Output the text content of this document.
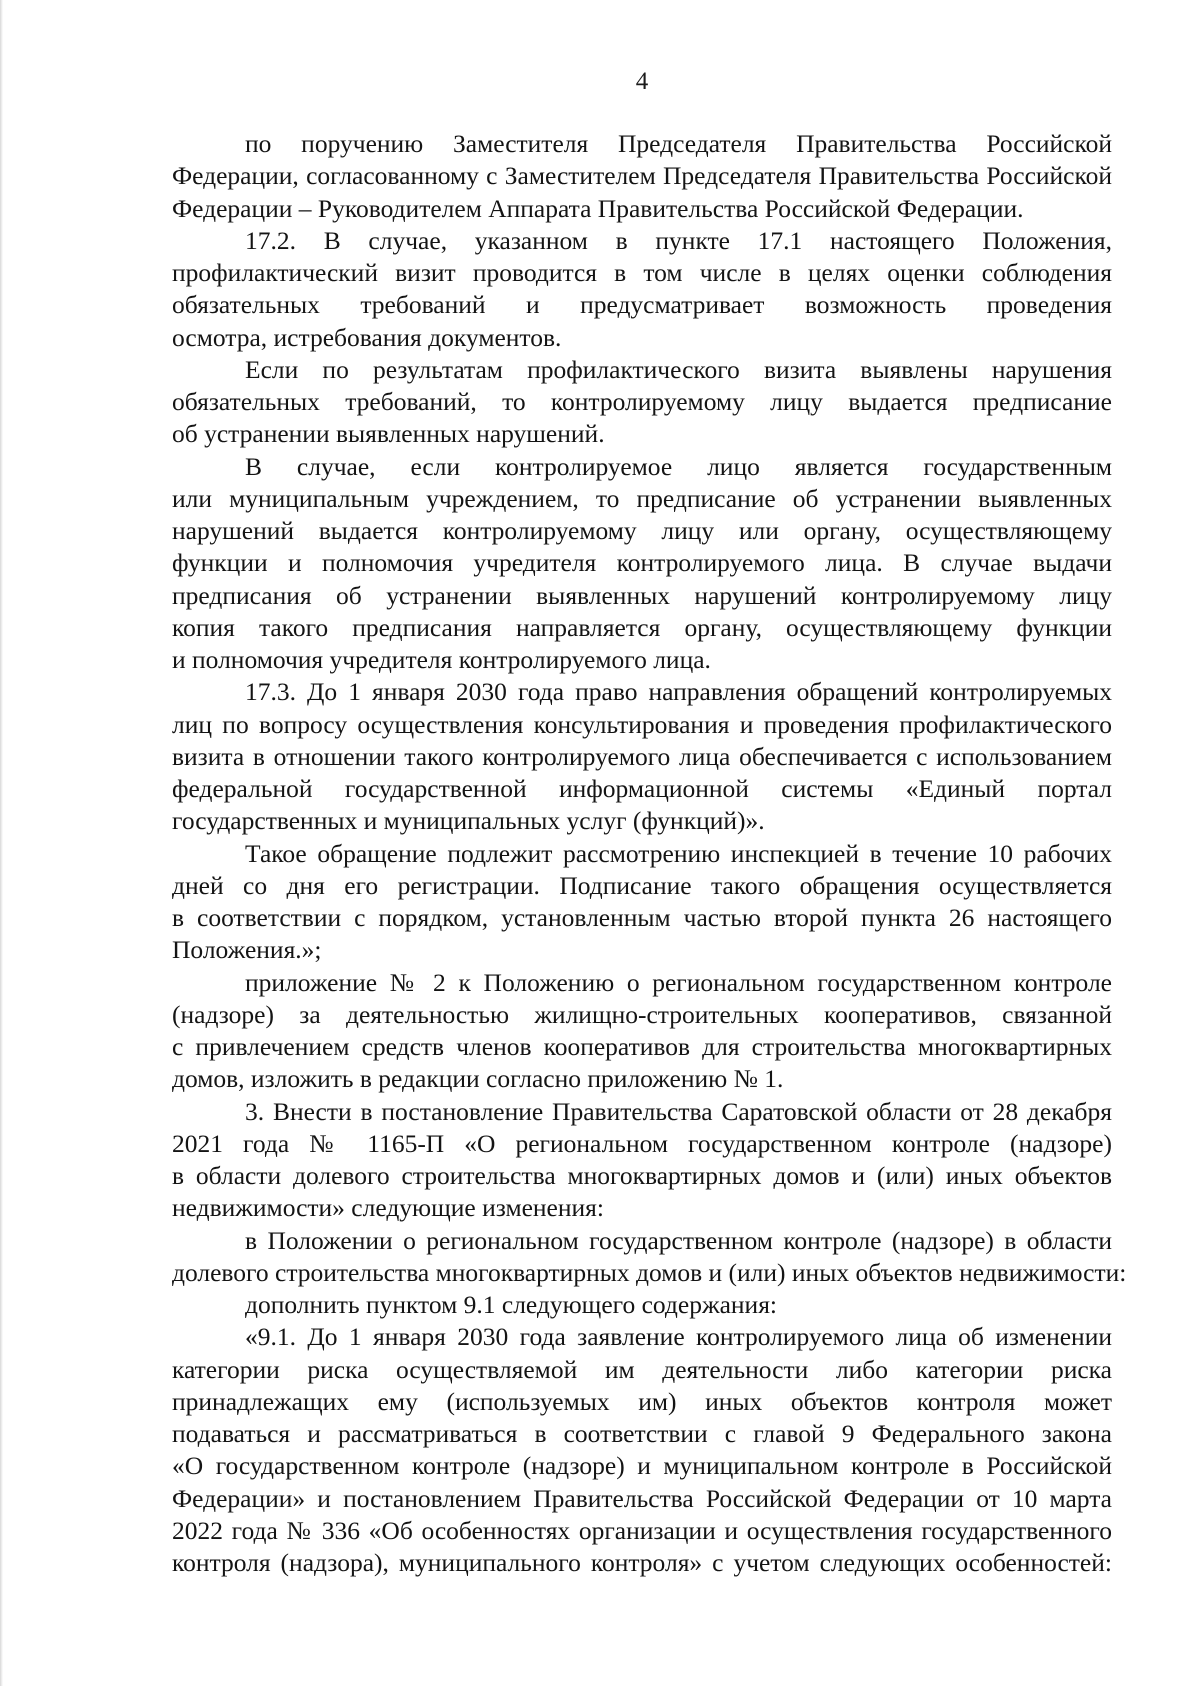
4
по поручению Заместителя Председателя Правительства Российской
Федерации, согласованному с Заместителем Председателя Правительства Российской
Федерации – Руководителем Аппарата Правительства Российской Федерации.
17.2. В случае, указанном в пункте 17.1 настоящего Положения,
профилактический визит проводится в том числе в целях оценки соблюдения
обязательных требований и предусматривает возможность проведения
осмотра, истребования документов.
Если по результатам профилактического визита выявлены нарушения
обязательных требований, то контролируемому лицу выдается предписание
об устранении выявленных нарушений.
В случае, если контролируемое лицо является государственным
или муниципальным учреждением, то предписание об устранении выявленных
нарушений выдается контролируемому лицу или органу, осуществляющему
функции и полномочия учредителя контролируемого лица. В случае выдачи
предписания об устранении выявленных нарушений контролируемому лицу
копия такого предписания направляется органу, осуществляющему функции
и полномочия учредителя контролируемого лица.
17.3. До 1 января 2030 года право направления обращений контролируемых
лиц по вопросу осуществления консультирования и проведения профилактического
визита в отношении такого контролируемого лица обеспечивается с использованием
федеральной государственной информационной системы «Единый портал
государственных и муниципальных услуг (функций)».
Такое обращение подлежит рассмотрению инспекцией в течение 10 рабочих
дней со дня его регистрации. Подписание такого обращения осуществляется
в соответствии с порядком, установленным частью второй пункта 26 настоящего
Положения.»;
приложение № 2 к Положению о региональном государственном контроле
(надзоре) за деятельностью жилищно-строительных кооперативов, связанной
с привлечением средств членов кооперативов для строительства многоквартирных
домов, изложить в редакции согласно приложению № 1.
3. Внести в постановление Правительства Саратовской области от 28 декабря
2021 года № 1165-П «О региональном государственном контроле (надзоре)
в области долевого строительства многоквартирных домов и (или) иных объектов
недвижимости» следующие изменения:
в Положении о региональном государственном контроле (надзоре) в области
долевого строительства многоквартирных домов и (или) иных объектов недвижимости:
дополнить пунктом 9.1 следующего содержания:
«9.1. До 1 января 2030 года заявление контролируемого лица об изменении
категории риска осуществляемой им деятельности либо категории риска
принадлежащих ему (используемых им) иных объектов контроля может
подаваться и рассматриваться в соответствии с главой 9 Федерального закона
«О государственном контроле (надзоре) и муниципальном контроле в Российской
Федерации» и постановлением Правительства Российской Федерации от 10 марта
2022 года № 336 «Об особенностях организации и осуществления государственного
контроля (надзора), муниципального контроля» с учетом следующих особенностей:
